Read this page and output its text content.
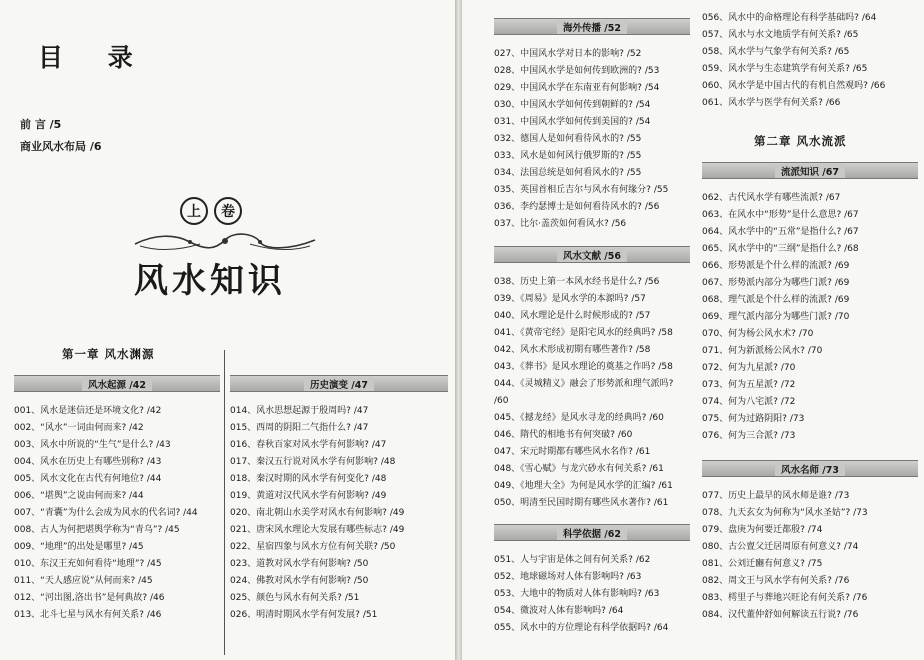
目 录
前 言 /5
商业风水布局 /6
上	卷
风水知识
第一章 风水渊源
风水起源 /42
001、风水是迷信还是环境文化? /42
002、“风水”一词由何而来? /42
003、风水中所说的“生气”是什么? /43
004、风水在历史上有哪些别称? /43
005、风水文化在古代有何地位? /44
006、“堪舆”之说由何而来? /44
007、“青囊”为什么会成为风水的代名词? /44
008、古人为何把堪舆学称为“青乌”? /45
009、“地理”的出处是哪里? /45
010、东汉王充如何看待“地理”? /45
011、“天人感应说”从何而来? /45
012、“河出图,洛出书”是何典故? /46
013、北斗七星与风水有何关系? /46
历史演变 /47
014、风水思想起源于殷周吗? /47
015、西周的阴阳二气指什么? /47
016、春秋百家对风水学有何影响? /47
017、秦汉五行说对风水学有何影响? /48
018、秦汉时期的风水学有何变化? /48
019、黄道对汉代风水学有何影响? /49
020、南北朝山水美学对风水有何影响? /49
021、唐宋风水理论大发展有哪些标志? /49
022、星宿四象与风水方位有何关联? /50
023、道教对风水学有何影响? /50
024、佛教对风水学有何影响? /50
025、颜色与风水有何关系? /51
026、明清时期风水学有何发展? /51
海外传播 /52
027、中国风水学对日本的影响? /52
028、中国风水学是如何传到欧洲的? /53
029、中国风水学在东南亚有何影响? /54
030、中国风水学如何传到朝鲜的? /54
031、中国风水学如何传到美国的? /54
032、德国人是如何看待风水的? /55
033、风水是如何风行俄罗斯的? /55
034、法国总统是如何看风水的? /55
035、英国首相丘吉尔与风水有何缘分? /55
036、李约瑟博士是如何看待风水的? /56
037、比尔·盖茨如何看风水? /56
风水文献 /56
038、历史上第一本风水经书是什么? /56
039、《周易》是风水学的本源吗? /57
040、风水理论是什么时候形成的? /57
041、《黄帝宅经》是阳宅风水的经典吗? /58
042、风水术形成初期有哪些著作? /58
043、《葬书》是风水理论的奠基之作吗? /58
044、《灵城精义》融会了形势派和理气派吗? /60
045、《撼龙经》是风水寻龙的经典吗? /60
046、隋代的相地书有何突破? /60
047、宋元时期都有哪些风水名作? /61
048、《雪心赋》与龙穴砂水有何关系? /61
049、《地理大全》为何是风水学的汇编? /61
050、明清至民国时期有哪些风水著作? /61
科学依据 /62
051、人与宇宙是体之间有何关系? /62
052、地球磁场对人体有影响吗? /63
053、大地中的物质对人体有影响吗? /63
054、微波对人体有影响吗? /64
055、风水中的方位理论有科学依据吗? /64
056、风水中的命格理论有科学基础吗? /64
057、风水与水文地质学有何关系? /65
058、风水学与气象学有何关系? /65
059、风水学与生态建筑学有何关系? /65
060、风水学是中国古代的有机自然观吗? /66
061、风水学与医学有何关系? /66
第二章 风水流派
流派知识 /67
062、古代风水学有哪些流派? /67
063、在风水中“形势”是什么意思? /67
064、风水学中的“五常”是指什么? /67
065、风水学中的“三纲”是指什么? /68
066、形势派是个什么样的流派? /69
067、形势派内部分为哪些门派? /69
068、理气派是个什么样的流派? /69
069、理气派内部分为哪些门派? /70
070、何为杨公风水术? /70
071、何为新派杨公风水? /70
072、何为九星派? /70
073、何为五星派? /72
074、何为八宅派? /72
075、何为过路阴阳? /73
076、何为三合派? /73
风水名师 /73
077、历史上最早的风水师是谁? /73
078、九天玄女为何称为“风水圣姑”? /73
079、盘庚为何要迁都殷? /74
080、古公亶父迁居周原有何意义? /74
081、公刘迁豳有何意义? /75
082、周文王与风水学有何关系? /76
083、樗里子与葬地兴旺论有何关系? /76
084、汉代董仲舒如何解读五行说? /76
